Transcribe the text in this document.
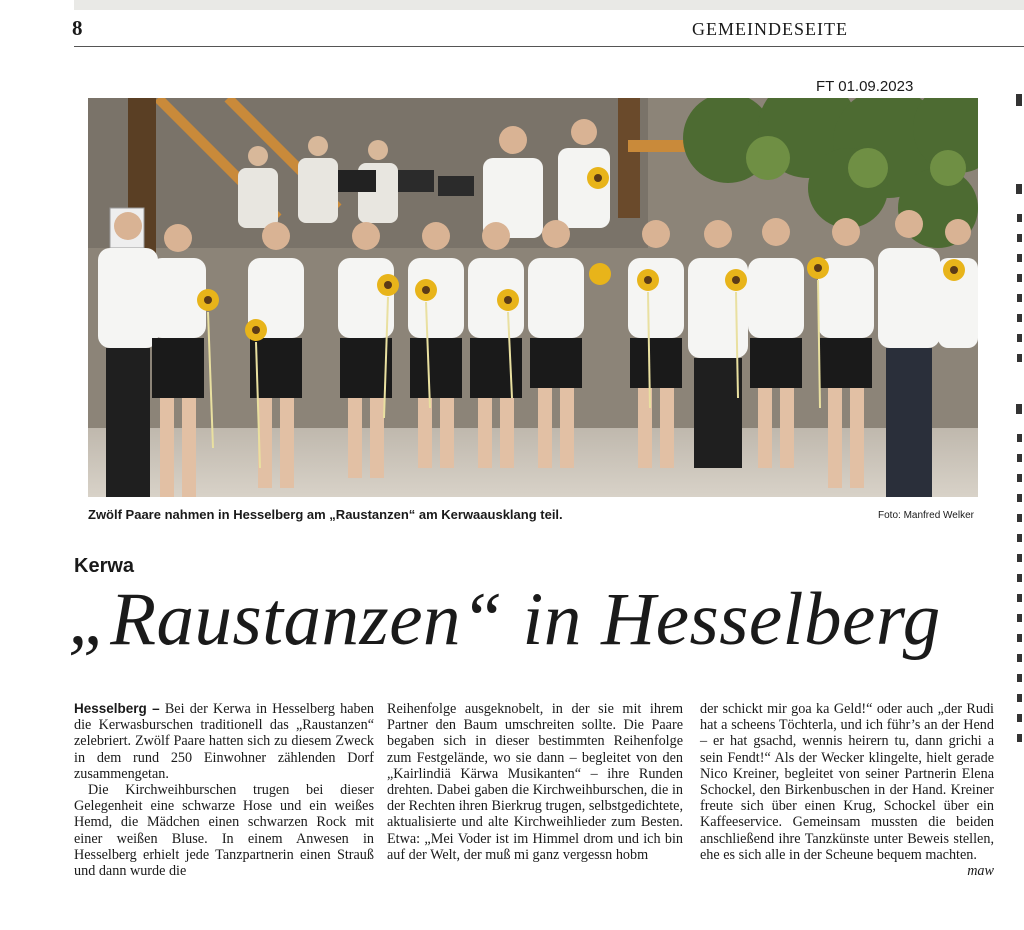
8	GEMEINDESEITE
FT 01.09.2023
Zwölf Paare nahmen in Hesselberg am „Raustanzen“ am Kerwaausklang teil.	Foto: Manfred Welker
Kerwa
„Raustanzen“ in Hesselberg

Hesselberg – Bei der Kerwa in Hesselberg haben die Kerwasburschen traditionell das „Raustanzen“ zelebriert. Zwölf Paare hatten sich zu diesem Zweck in dem rund 250 Einwohner zählenden Dorf zusammengetan.

Die Kirchweihburschen trugen bei dieser Gelegenheit eine schwarze Hose und ein weißes Hemd, die Mädchen einen schwarzen Rock mit einer weißen Bluse. In einem Anwesen in Hesselberg erhielt jede Tanzpartnerin einen Strauß und dann wurde die

Reihenfolge ausgeknobelt, in der sie mit ihrem Partner den Baum umschreiten sollte. Die Paare begaben sich in dieser bestimmten Reihenfolge zum Festgelände, wo sie dann – begleitet von den „Kairlindiä Kärwa Musikanten“ – ihre Runden drehten. Dabei gaben die Kirchweihburschen, die in der Rechten ihren Bierkrug trugen, selbstgedichtete, aktualisierte und alte Kirchweihlieder zum Besten. Etwa: „Mei Voder ist im Himmel drom und ich bin auf der Welt, der muß mi ganz vergessn hobm

der schickt mir goa ka Geld!“ oder auch „der Rudi hat a scheens Töchterla, und ich führ’s an der Hend – er hat gsachd, wennis heirern tu, dann grichi a sein Fendt!“ Als der Wecker klingelte, hielt gerade Nico Kreiner, begleitet von seiner Partnerin Elena Schockel, den Birkenbuschen in der Hand. Kreiner freute sich über einen Krug, Schockel über ein Kaffeeservice. Gemeinsam mussten die beiden anschließend ihre Tanzkünste unter Beweis stellen, ehe es sich alle in der Scheune bequem machten.
maw
